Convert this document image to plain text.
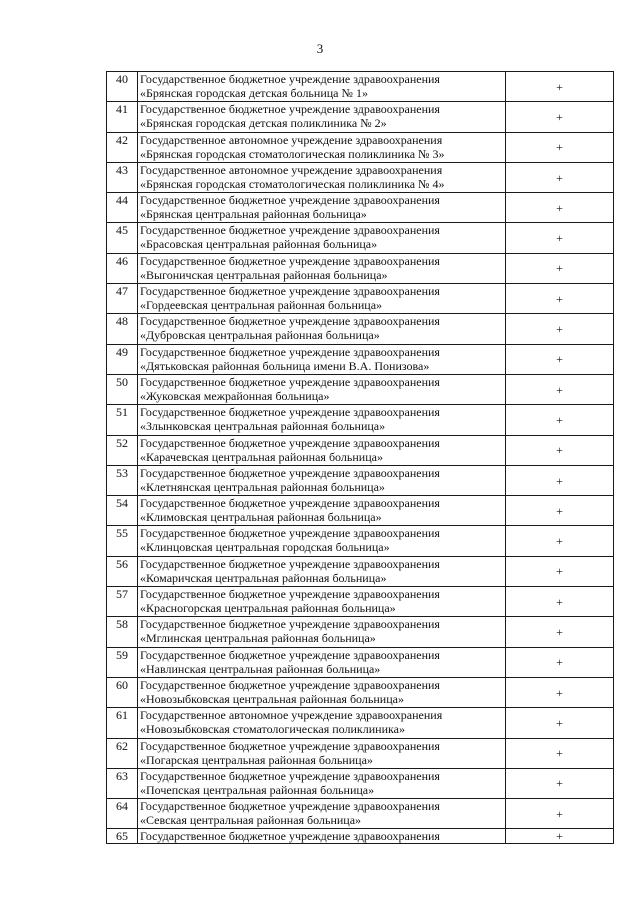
3
40	Государственное бюджетное учреждение здравоохранения
«Брянская городская детская больница № 1»	+
41	Государственное бюджетное учреждение здравоохранения
«Брянская городская детская поликлиника № 2»	+
42	Государственное автономное учреждение здравоохранения
«Брянская городская стоматологическая поликлиника № 3»	+
43	Государственное автономное учреждение здравоохранения
«Брянская городская стоматологическая поликлиника № 4»	+
44	Государственное бюджетное учреждение здравоохранения
«Брянская центральная районная больница»	+
45	Государственное бюджетное учреждение здравоохранения
«Брасовская центральная районная больница»	+
46	Государственное бюджетное учреждение здравоохранения
«Выгоничская центральная районная больница»	+
47	Государственное бюджетное учреждение здравоохранения
«Гордеевская центральная районная больница»	+
48	Государственное бюджетное учреждение здравоохранения
«Дубровская центральная районная больница»	+
49	Государственное бюджетное учреждение здравоохранения
«Дятьковская районная больница имени В.А. Понизова»	+
50	Государственное бюджетное учреждение здравоохранения
«Жуковская межрайонная больница»	+
51	Государственное бюджетное учреждение здравоохранения
«Злынковская центральная районная больница»	+
52	Государственное бюджетное учреждение здравоохранения
«Карачевская центральная районная больница»	+
53	Государственное бюджетное учреждение здравоохранения
«Клетнянская центральная районная больница»	+
54	Государственное бюджетное учреждение здравоохранения
«Климовская центральная районная больница»	+
55	Государственное бюджетное учреждение здравоохранения
«Клинцовская центральная городская больница»	+
56	Государственное бюджетное учреждение здравоохранения
«Комаричская центральная районная больница»	+
57	Государственное бюджетное учреждение здравоохранения
«Красногорская центральная районная больница»	+
58	Государственное бюджетное учреждение здравоохранения
«Мглинская центральная районная больница»	+
59	Государственное бюджетное учреждение здравоохранения
«Навлинская центральная районная больница»	+
60	Государственное бюджетное учреждение здравоохранения
«Новозыбковская центральная районная больница»	+
61	Государственное автономное учреждение здравоохранения
«Новозыбковская стоматологическая поликлиника»	+
62	Государственное бюджетное учреждение здравоохранения
«Погарская центральная районная больница»	+
63	Государственное бюджетное учреждение здравоохранения
«Почепская центральная районная больница»	+
64	Государственное бюджетное учреждение здравоохранения
«Севская центральная районная больница»	+
65	Государственное бюджетное учреждение здравоохранения	+
